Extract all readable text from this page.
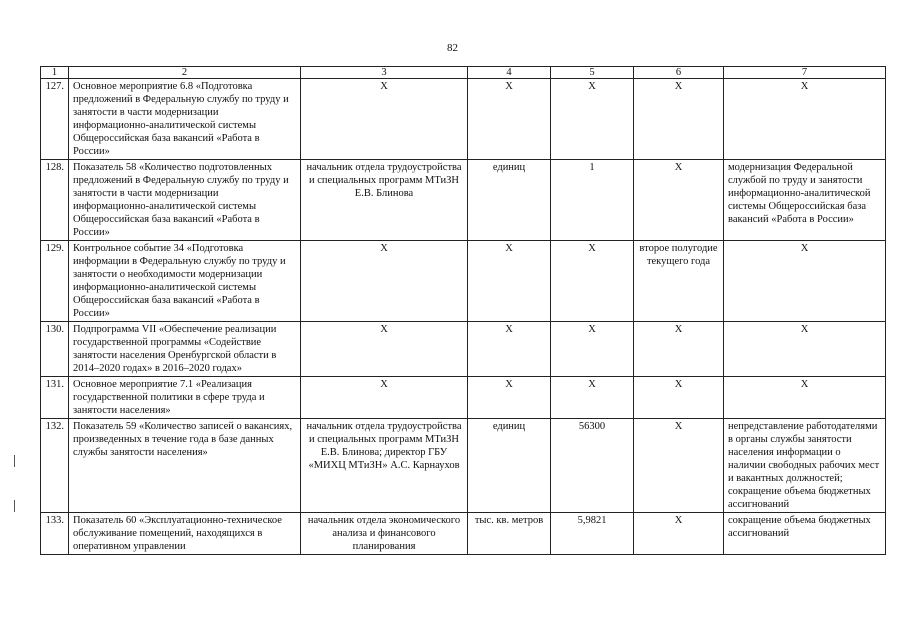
82
1	2	3	4	5	6	7
127.	Основное мероприятие 6.8 «Подготовка предложений в Федеральную службу по труду и занятости в части модернизации информационно-аналитической системы Общероссийская база вакансий «Работа в России»	Х	Х	Х	Х	Х
128.	Показатель 58 «Количество подготовленных предложений в Федеральную службу по труду и занятости в части модернизации информационно-аналитической системы Общероссийская база вакансий «Работа в России»	начальник отдела трудоустройства и специальных программ МТиЗН Е.В. Блинова	единиц	1	Х	модернизация Федеральной службой по труду и занятости информационно-аналитической системы Общероссийская база вакансий «Работа в России»
129.	Контрольное событие 34 «Подготовка информации в Федеральную службу по труду и занятости о необходимости модернизации информационно-аналитической системы Общероссийская база вакансий «Работа в России»	Х	Х	Х	второе полугодие текущего года	Х
130.	Подпрограмма VII «Обеспечение реализации государственной программы «Содействие занятости населения Оренбургской области в 2014–2020 годах» в 2016–2020 годах»	Х	Х	Х	Х	Х
131.	Основное мероприятие 7.1 «Реализация государственной политики в сфере труда и занятости населения»	Х	Х	Х	Х	Х
132.	Показатель 59 «Количество записей о вакансиях, произведенных в течение года в базе данных службы занятости населения»	начальник отдела трудоустройства и специальных программ МТиЗН Е.В. Блинова; директор ГБУ «МИХЦ МТиЗН» А.С. Карнаухов	единиц	56300	Х	непредставление работодателями в органы службы занятости населения информации о наличии свободных рабочих мест и вакантных должностей; сокращение объема бюджетных ассигнований
133.	Показатель 60 «Эксплуатационно-техническое обслуживание помещений, находящихся в оперативном управлении	начальник отдела экономического анализа и финансового планирования	тыс. кв. метров	5,9821	Х	сокращение объема бюджетных ассигнований
